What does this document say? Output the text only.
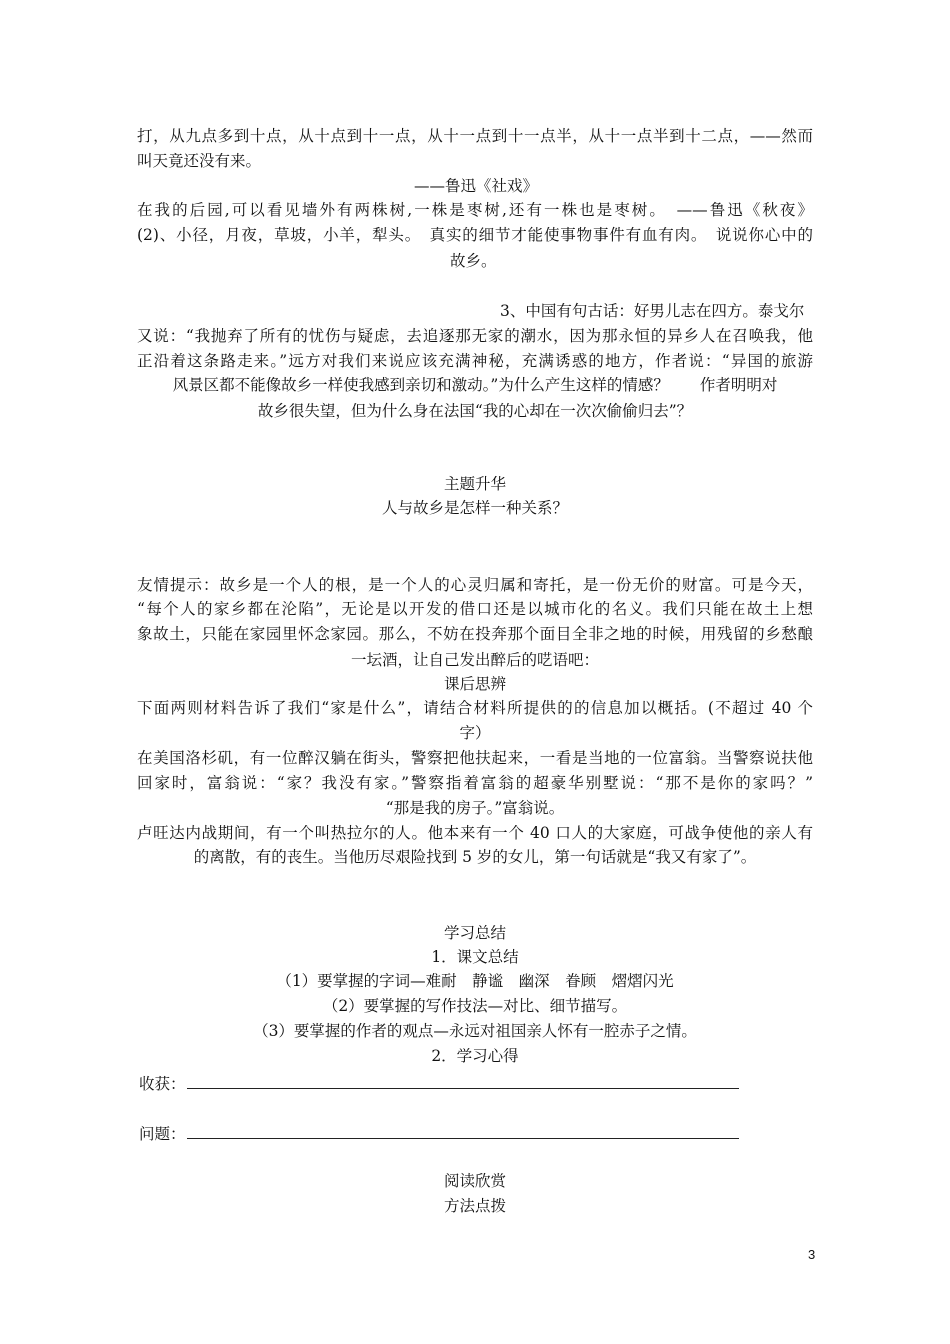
打，从九点多到十点，从十点到十一点，从十一点到十一点半，从十一点半到十二点，——然而
叫天竟还没有来。
——鲁迅《社戏》
在我的后园,可以看见墙外有两株树,一株是枣树,还有一株也是枣树。　——鲁迅《秋夜》
(2)、小径，月夜，草坡，小羊，犁头。　真实的细节才能使事物事件有血有肉。　说说你心中的
故乡。
3、中国有句古话：好男儿志在四方。泰戈尔
又说：“我抛弃了所有的忧伤与疑虑，去追逐那无家的潮水，因为那永恒的异乡人在召唤我，他
正沿着这条路走来。”远方对我们来说应该充满神秘，充满诱惑的地方，作者说：“异国的旅游
风景区都不能像故乡一样使我感到亲切和激动。”为什么产生这样的情感？　　作者明明对
故乡很失望，但为什么身在法国“我的心却在一次次偷偷归去”？
主题升华
人与故乡是怎样一种关系？
友情提示：故乡是一个人的根，是一个人的心灵归属和寄托，是一份无价的财富。可是今天，
“每个人的家乡都在沦陷”，无论是以开发的借口还是以城市化的名义。我们只能在故土上想
象故土，只能在家园里怀念家园。那么，不妨在投奔那个面目全非之地的时候，用残留的乡愁酿
一坛酒，让自己发出醉后的呓语吧：
课后思辨
下面两则材料告诉了我们“家是什么”，请结合材料所提供的的信息加以概括。(不超过 40 个
字）
在美国洛杉矶，有一位醉汉躺在街头，警察把他扶起来，一看是当地的一位富翁。当警察说扶他
回家时，富翁说：“家？我没有家。”警察指着富翁的超豪华别墅说：“那不是你的家吗？”
“那是我的房子。”富翁说。
卢旺达内战期间，有一个叫热拉尔的人。他本来有一个 40 口人的大家庭，可战争使他的亲人有
的离散，有的丧生。当他历尽艰险找到 5 岁的女儿，第一句话就是“我又有家了”。
学习总结
1．课文总结
（1）要掌握的字词—难耐　静谧　幽深　眷顾　熠熠闪光
（2）要掌握的写作技法—对比、细节描写。
（3）要掌握的作者的观点—永远对祖国亲人怀有一腔赤子之情。
2．学习心得
收获：
问题：
阅读欣赏
方法点拨
3
